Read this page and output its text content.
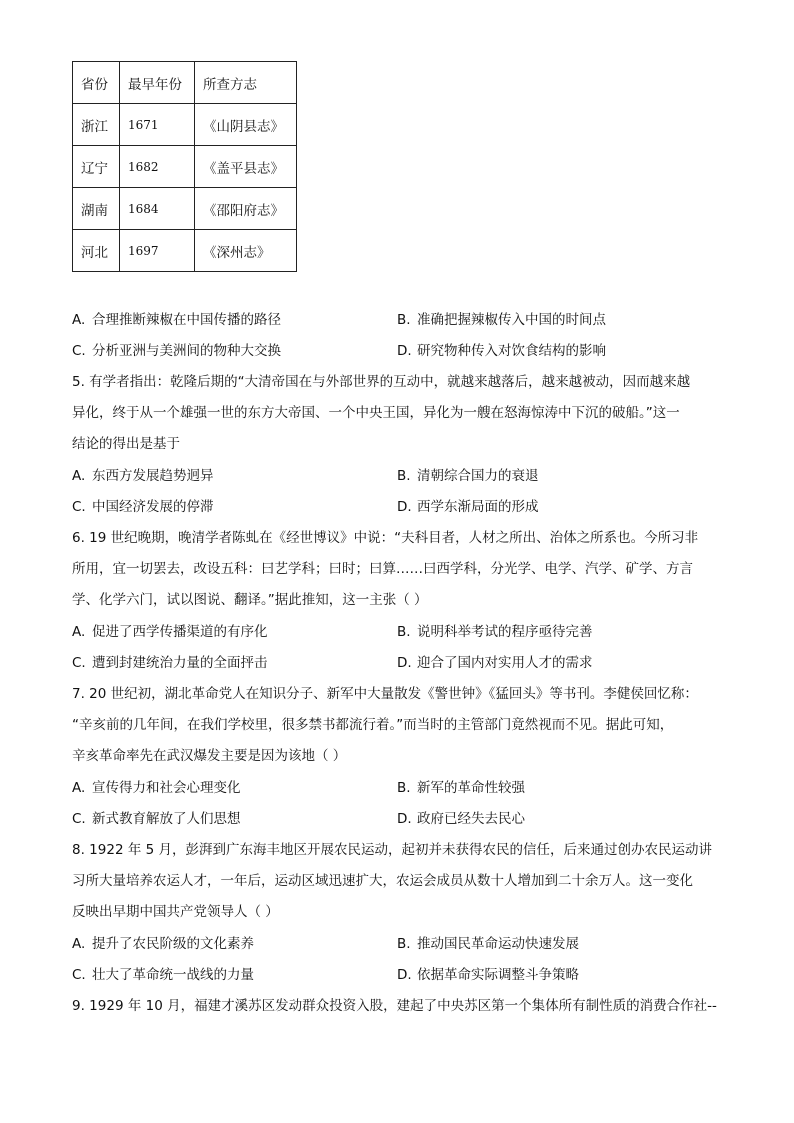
省份	最早年份	所查方志
浙江	1671	《山阴县志》
辽宁	1682	《盖平县志》
湖南	1684	《邵阳府志》
河北	1697	《深州志》
A. 合理推断辣椒在中国传播的路径	B. 准确把握辣椒传入中国的时间点
C. 分析亚洲与美洲间的物种大交换	D. 研究物种传入对饮食结构的影响
5. 有学者指出：乾隆后期的“大清帝国在与外部世界的互动中，就越来越落后，越来越被动，因而越来越
异化，终于从一个雄强一世的东方大帝国、一个中央王国，异化为一艘在怒海惊涛中下沉的破船。”这一
结论的得出是基于
A. 东西方发展趋势迥异	B. 清朝综合国力的衰退
C. 中国经济发展的停滞	D. 西学东渐局面的形成
6. 19 世纪晚期，晚清学者陈虬在《经世博议》中说：“夫科目者，人材之所出、治体之所系也。今所习非
所用，宜一切罢去，改设五科：曰艺学科；曰时；曰算……曰西学科，分光学、电学、汽学、矿学、方言
学、化学六门，试以图说、翻译。”据此推知，这一主张（ ）
A. 促进了西学传播渠道的有序化	B. 说明科举考试的程序亟待完善
C. 遭到封建统治力量的全面抨击	D. 迎合了国内对实用人才的需求
7. 20 世纪初，湖北革命党人在知识分子、新军中大量散发《警世钟》《猛回头》等书刊。李健侯回忆称：
“辛亥前的几年间，在我们学校里，很多禁书都流行着。”而当时的主管部门竟然视而不见。据此可知，
辛亥革命率先在武汉爆发主要是因为该地（ ）
A. 宣传得力和社会心理变化	B. 新军的革命性较强
C. 新式教育解放了人们思想	D. 政府已经失去民心
8. 1922 年 5 月，彭湃到广东海丰地区开展农民运动，起初并未获得农民的信任，后来通过创办农民运动讲
习所大量培养农运人才，一年后，运动区域迅速扩大，农运会成员从数十人增加到二十余万人。这一变化
反映出早期中国共产党领导人（ ）
A. 提升了农民阶级的文化素养	B. 推动国民革命运动快速发展
C. 壮大了革命统一战线的力量	D. 依据革命实际调整斗争策略
9. 1929 年 10 月，福建才溪苏区发动群众投资入股，建起了中央苏区第一个集体所有制性质的消费合作社--
